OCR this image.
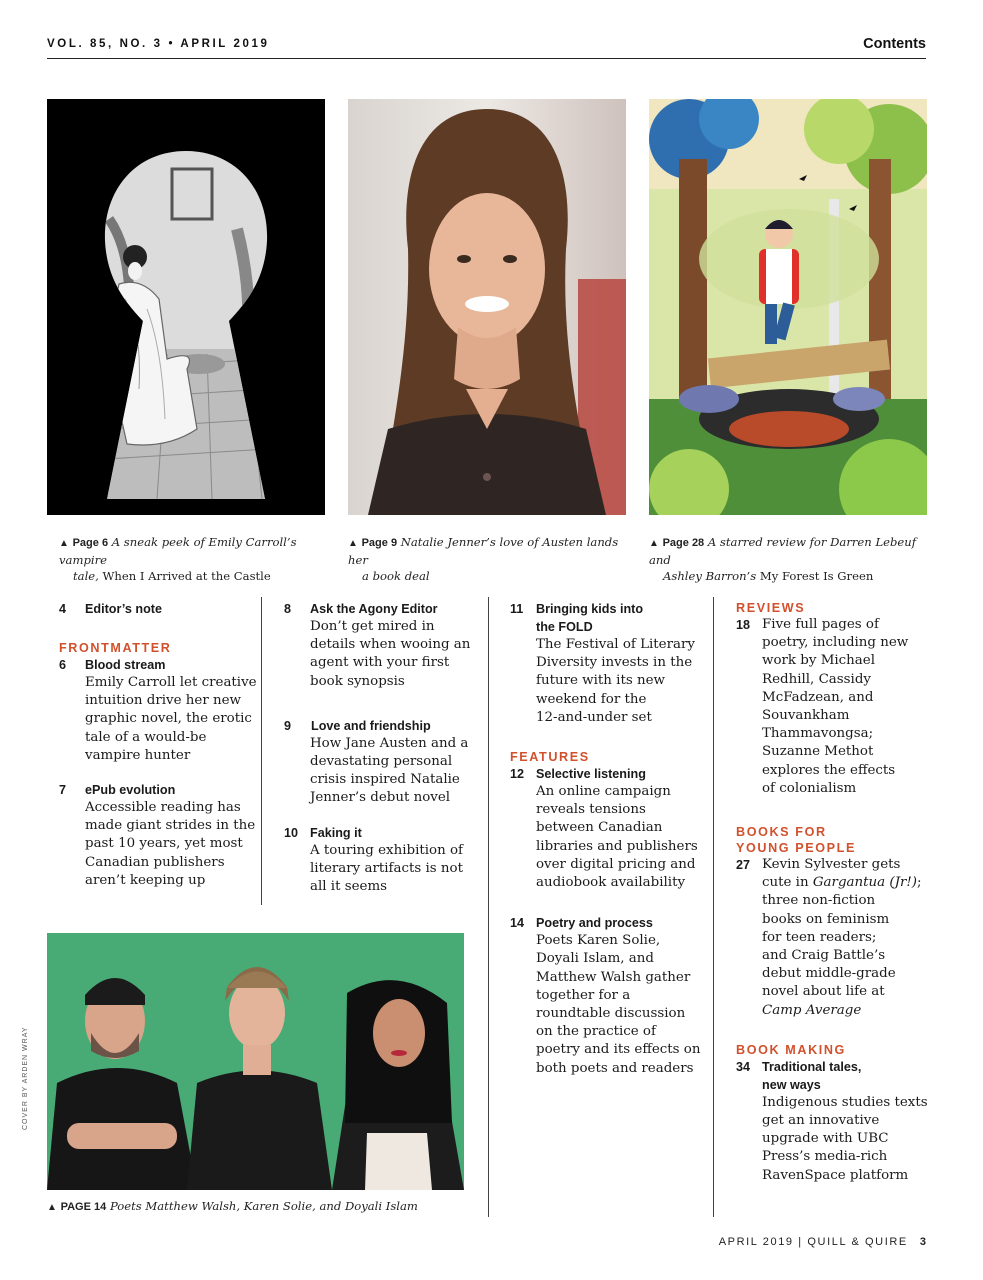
VOL. 85, NO. 3 • APRIL 2019	Contents
▲ Page 6 A sneak peek of Emily Carroll’s vampire
tale, When I Arrived at the Castle
▲ Page 9 Natalie Jenner’s love of Austen lands her
a book deal
▲ Page 28 A starred review for Darren Lebeuf and
Ashley Barron’s My Forest Is Green
4 Editor’s note
FRONTMATTER
6 Blood stream
Emily Carroll let creative
intuition drive her new
graphic novel, the erotic
tale of a would-be
vampire hunter
7 ePub evolution
Accessible reading has
made giant strides in the
past 10 years, yet most
Canadian publishers
aren’t keeping up
8 Ask the Agony Editor
Don’t get mired in
details when wooing an
agent with your first
book synopsis
9 Love and friendship
How Jane Austen and a
devastating personal
crisis inspired Natalie
Jenner’s debut novel
10 Faking it
A touring exhibition of
literary artifacts is not
all it seems
11 Bringing kids into
the FOLD
The Festival of Literary
Diversity invests in the
future with its new
weekend for the
12-and-under set
FEATURES
12 Selective listening
An online campaign
reveals tensions
between Canadian
libraries and publishers
over digital pricing and
audiobook availability
14 Poetry and process
Poets Karen Solie,
Doyali Islam, and
Matthew Walsh gather
together for a
roundtable discussion
on the practice of
poetry and its effects on
both poets and readers
REVIEWS
18 Five full pages of
poetry, including new
work by Michael
Redhill, Cassidy
McFadzean, and
Souvankham
Thammavongsa;
Suzanne Methot
explores the effects
of colonialism
BOOKS FOR
YOUNG PEOPLE
27 Kevin Sylvester gets
cute in Gargantua (Jr!);
three non-fiction
books on feminism
for teen readers;
and Craig Battle’s
debut middle-grade
novel about life at
Camp Average
BOOK MAKING
34 Traditional tales,
new ways
Indigenous studies texts
get an innovative
upgrade with UBC
Press’s media-rich
RavenSpace platform
▲ PAGE 14 Poets Matthew Walsh, Karen Solie, and Doyali Islam
COVER BY ARDEN WRAY
APRIL 2019 | QUILL & QUIRE 3
